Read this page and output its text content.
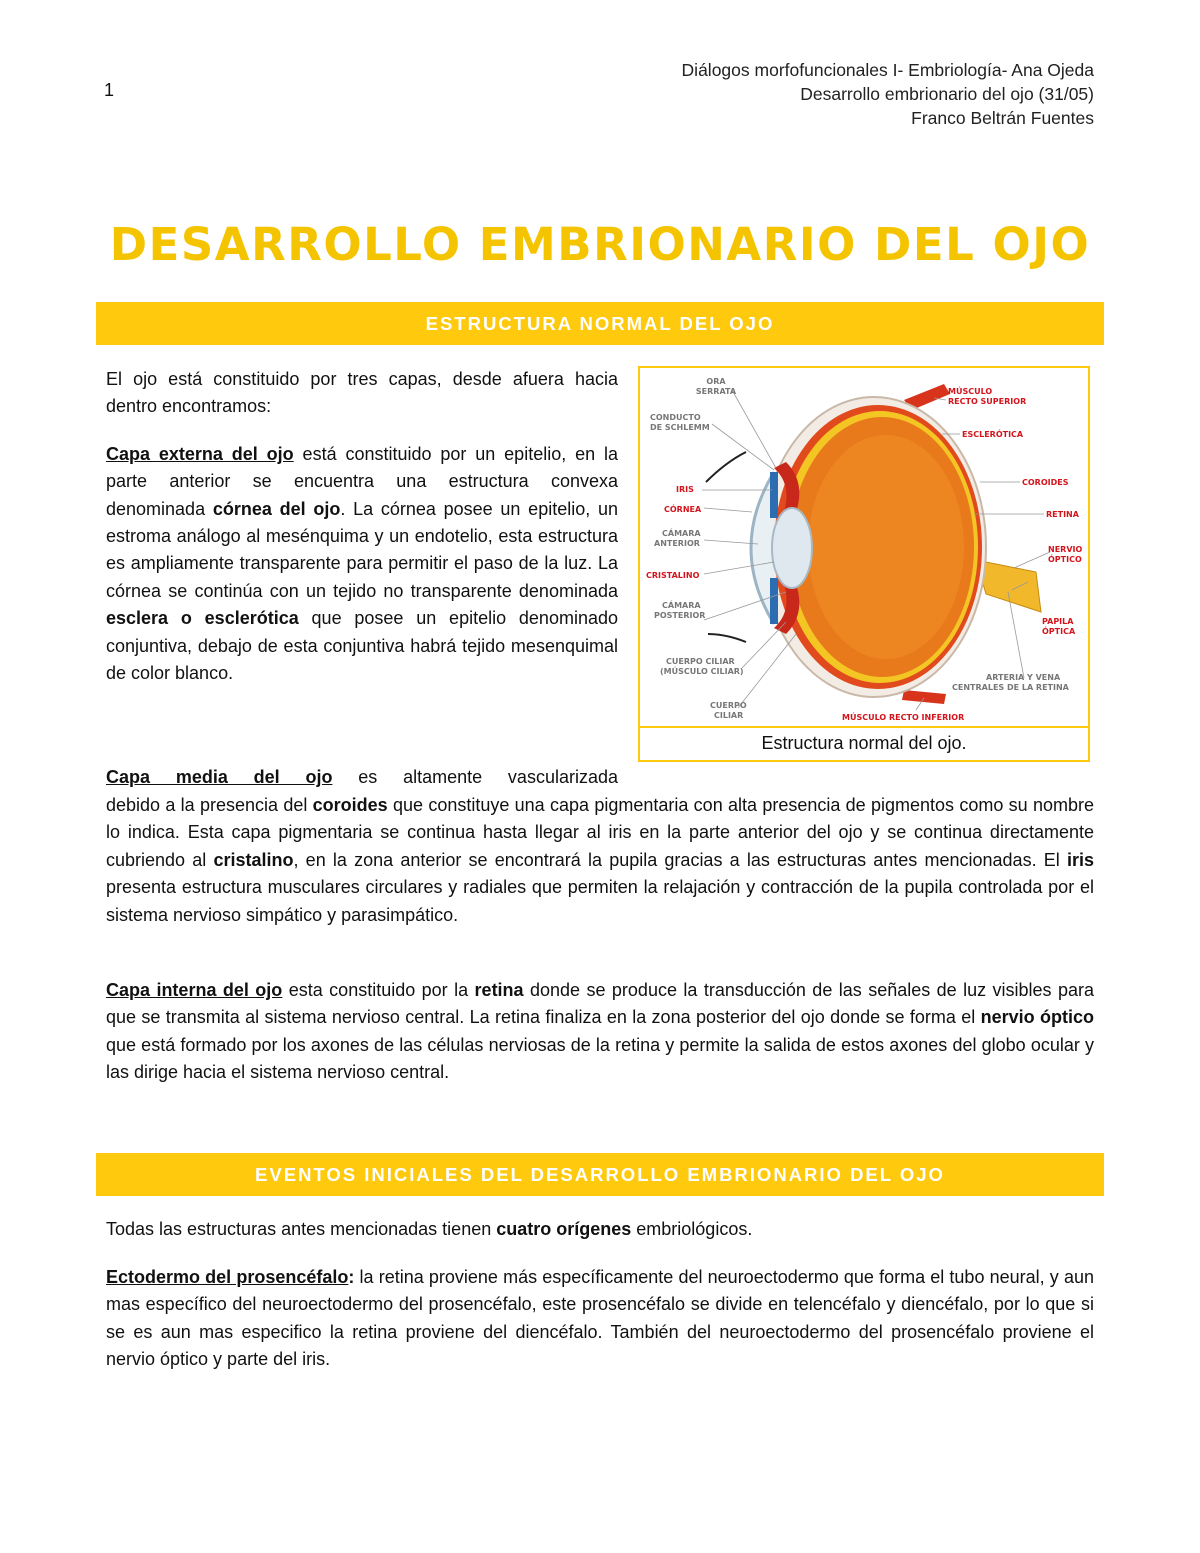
1
Diálogos morfofuncionales I- Embriología- Ana Ojeda
Desarrollo embrionario del ojo (31/05)
Franco Beltrán Fuentes
DESARROLLO EMBRIONARIO DEL OJO
ESTRUCTURA NORMAL DEL OJO

El ojo está constituido por tres capas, desde afuera hacia dentro encontramos:

Capa externa del ojo está constituido por un epitelio, en la parte anterior se encuentra una estructura convexa denominada córnea del ojo. La córnea posee un epitelio, un estroma análogo al mesénquima y un endotelio, esta estructura es ampliamente transparente para permitir el paso de la luz. La córnea se continúa con un tejido no transparente denominada esclera o esclerótica que posee un epitelio denominado conjuntiva, debajo de esta conjuntiva habrá tejido mesenquimal de color blanco.

ORA
SERRATA
CONDUCTO
DE SCHLEMM
IRIS
CÓRNEA
CÁMARA
ANTERIOR
CRISTALINO
CÁMARA
POSTERIOR
CUERPO CILIAR
(MÚSCULO CILIAR)
CUERPO
CILIAR
MÚSCULO
RECTO SUPERIOR
ESCLERÓTICA
COROIDES
RETINA
NERVIO
ÓPTICO
PAPILA
ÓPTICA
ARTERIA Y VENA
CENTRALES DE LA RETINA
MÚSCULO RECTO INFERIOR
Estructura normal del ojo.
Capa media del ojo es altamente vascularizada
debido a la presencia del coroides que constituye una capa pigmentaria con alta presencia de pigmentos como su nombre lo indica. Esta capa pigmentaria se continua hasta llegar al iris en la parte anterior del ojo y se continua directamente cubriendo al cristalino, en la zona anterior se encontrará la pupila gracias a las estructuras antes mencionadas. El iris presenta estructura musculares circulares y radiales que permiten la relajación y contracción de la pupila controlada por el sistema nervioso simpático y parasimpático.
Capa interna del ojo esta constituido por la retina donde se produce la transducción de las señales de luz visibles para que se transmita al sistema nervioso central. La retina finaliza en la zona posterior del ojo donde se forma el nervio óptico que está formado por los axones de las células nerviosas de la retina y permite la salida de estos axones del globo ocular y las dirige hacia el sistema nervioso central.
EVENTOS INICIALES DEL DESARROLLO EMBRIONARIO DEL OJO
Todas las estructuras antes mencionadas tienen cuatro orígenes embriológicos.
Ectodermo del prosencéfalo: la retina proviene más específicamente del neuroectodermo que forma el tubo neural, y aun mas específico del neuroectodermo del prosencéfalo, este prosencéfalo se divide en telencéfalo y diencéfalo, por lo que si se es aun mas especifico la retina proviene del diencéfalo. También del neuroectodermo del prosencéfalo proviene el nervio óptico y parte del iris.
